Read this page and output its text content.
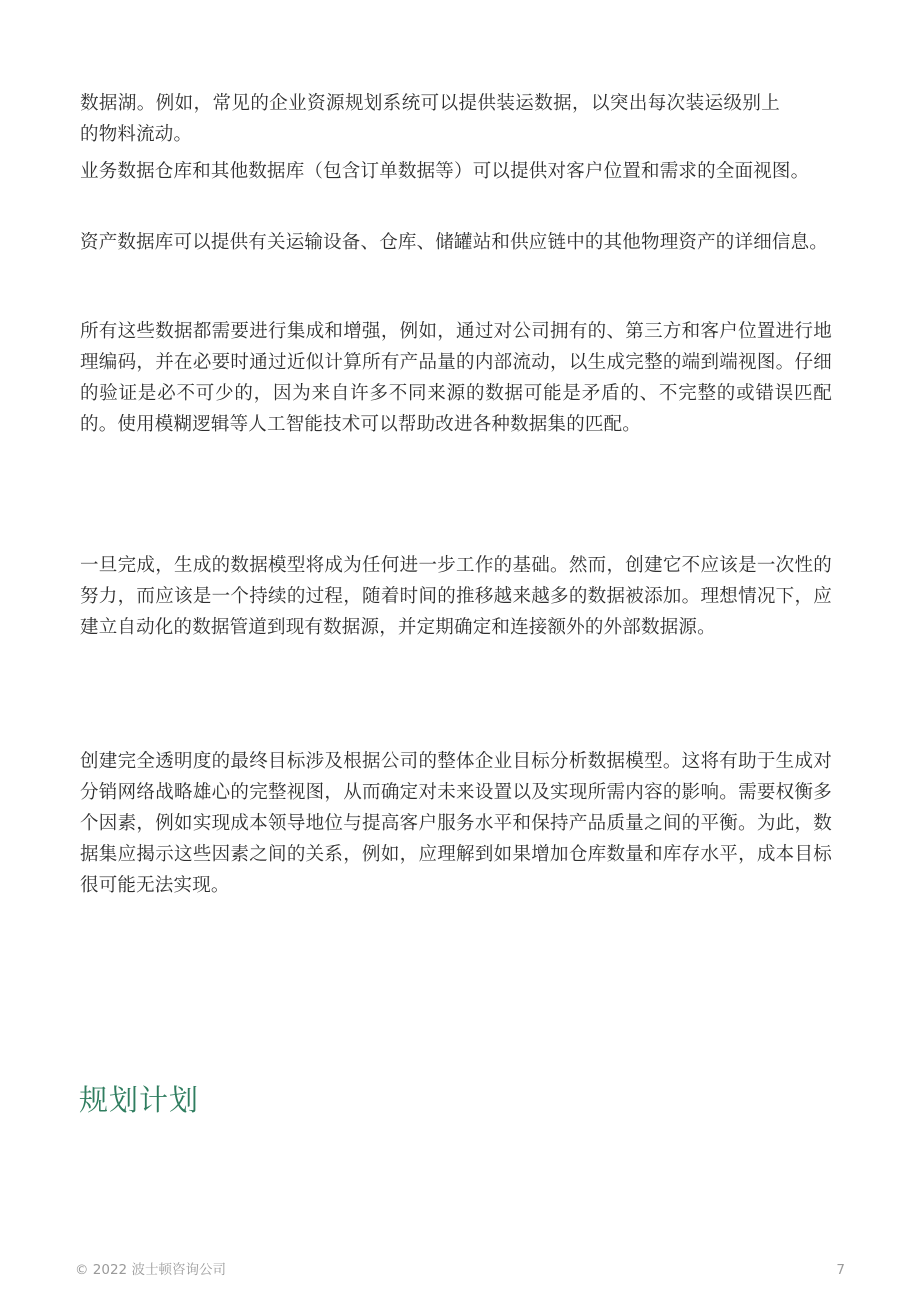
数据湖。例如，常见的企业资源规划系统可以提供装运数据，以突出每次装运级别上的物料流动。

业务数据仓库和其他数据库（包含订单数据等）可以提供对客户位置和需求的全面视图。

资产数据库可以提供有关运输设备、仓库、储罐站和供应链中的其他物理资产的详细信息。

所有这些数据都需要进行集成和增强，例如，通过对公司拥有的、第三方和客户位置进行地理编码，并在必要时通过近似计算所有产品量的内部流动，以生成完整的端到端视图。仔细的验证是必不可少的，因为来自许多不同来源的数据可能是矛盾的、不完整的或错误匹配的。使用模糊逻辑等人工智能技术可以帮助改进各种数据集的匹配。

一旦完成，生成的数据模型将成为任何进一步工作的基础。然而，创建它不应该是一次性的努力，而应该是一个持续的过程，随着时间的推移越来越多的数据被添加。理想情况下，应建立自动化的数据管道到现有数据源，并定期确定和连接额外的外部数据源。

创建完全透明度的最终目标涉及根据公司的整体企业目标分析数据模型。这将有助于生成对分销网络战略雄心的完整视图，从而确定对未来设置以及实现所需内容的影响。需要权衡多个因素，例如实现成本领导地位与提高客户服务水平和保持产品质量之间的平衡。为此，数据集应揭示这些因素之间的关系，例如，应理解到如果增加仓库数量和库存水平，成本目标很可能无法实现。

规划计划
© 2022 波士顿咨询公司	7
